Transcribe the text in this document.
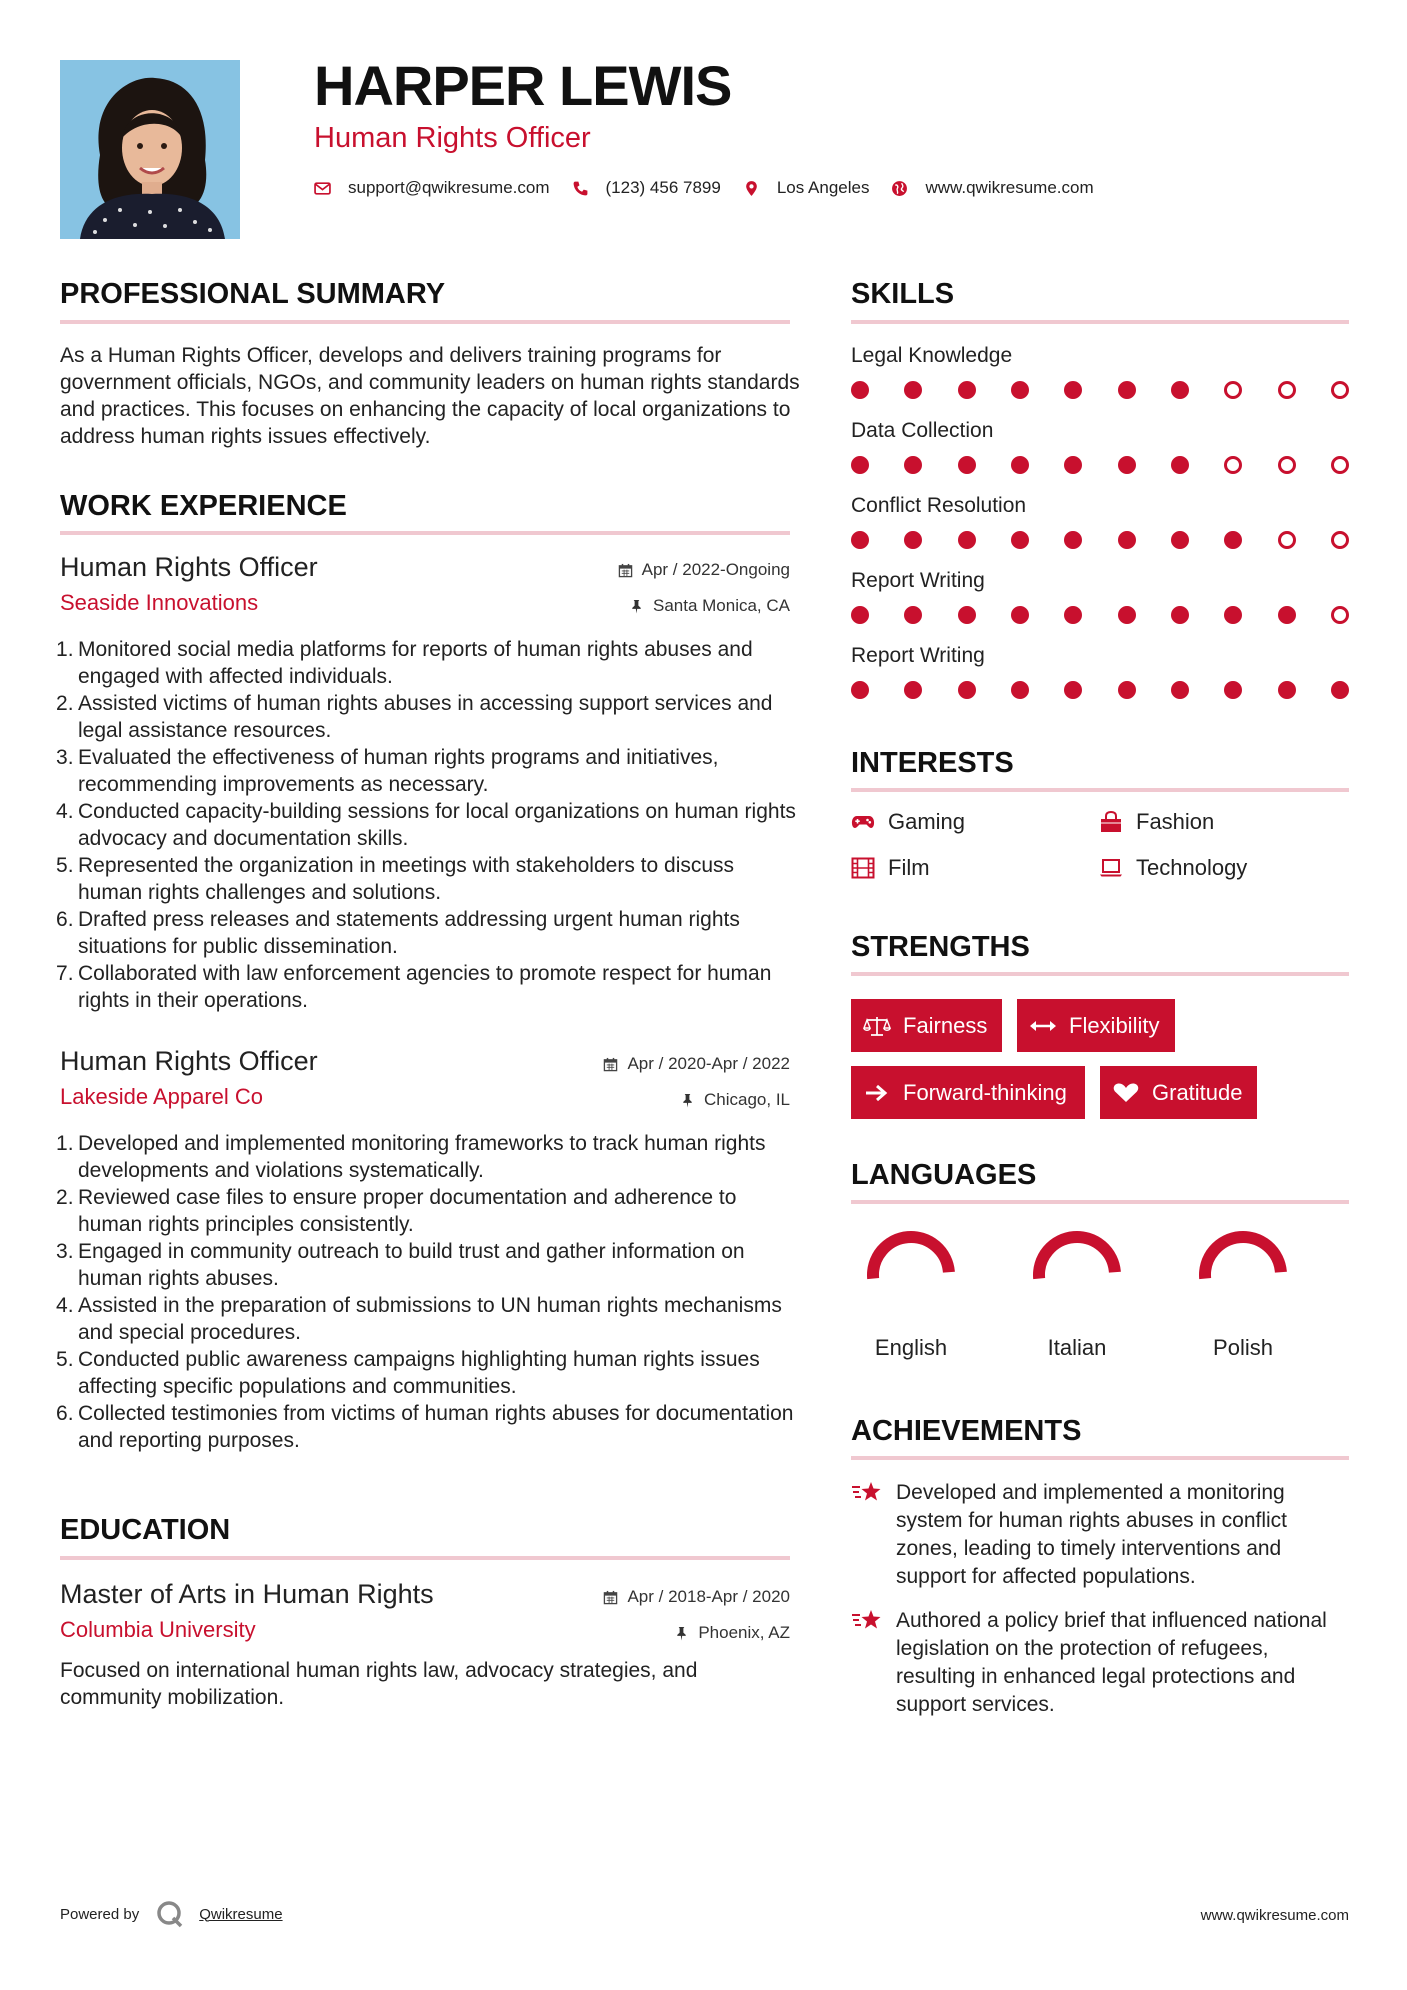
HARPER LEWIS
Human Rights Officer
support@qwikresume.com	(123) 456 7899	Los Angeles	www.qwikresume.com
PROFESSIONAL SUMMARY
As a Human Rights Officer, develops and delivers training programs for government officials, NGOs, and community leaders on human rights standards and practices. This focuses on enhancing the capacity of local organizations to address human rights issues effectively.
WORK EXPERIENCE
Human Rights Officer
Seaside Innovations
Apr / 2022-Ongoing
Santa Monica, CA
Monitored social media platforms for reports of human rights abuses and engaged with affected individuals.
Assisted victims of human rights abuses in accessing support services and legal assistance resources.
Evaluated the effectiveness of human rights programs and initiatives, recommending improvements as necessary.
Conducted capacity-building sessions for local organizations on human rights advocacy and documentation skills.
Represented the organization in meetings with stakeholders to discuss human rights challenges and solutions.
Drafted press releases and statements addressing urgent human rights situations for public dissemination.
Collaborated with law enforcement agencies to promote respect for human rights in their operations.
Human Rights Officer
Lakeside Apparel Co
Apr / 2020-Apr / 2022
Chicago, IL
Developed and implemented monitoring frameworks to track human rights developments and violations systematically.
Reviewed case files to ensure proper documentation and adherence to human rights principles consistently.
Engaged in community outreach to build trust and gather information on human rights abuses.
Assisted in the preparation of submissions to UN human rights mechanisms and special procedures.
Conducted public awareness campaigns highlighting human rights issues affecting specific populations and communities.
Collected testimonies from victims of human rights abuses for documentation and reporting purposes.
EDUCATION
Master of Arts in Human Rights
Columbia University
Apr / 2018-Apr / 2020
Phoenix, AZ
Focused on international human rights law, advocacy strategies, and community mobilization.
SKILLS
Legal Knowledge
Data Collection
Conflict Resolution
Report Writing
Report Writing
INTERESTS
Gaming	Fashion
Film	Technology
STRENGTHS
Fairness	Flexibility
Forward-thinking	Gratitude
LANGUAGES
English	Italian	Polish
ACHIEVEMENTS
Developed and implemented a monitoring system for human rights abuses in conflict zones, leading to timely interventions and support for affected populations.
Authored a policy brief that influenced national legislation on the protection of refugees, resulting in enhanced legal protections and support services.
Powered by	Qwikresume	www.qwikresume.com
